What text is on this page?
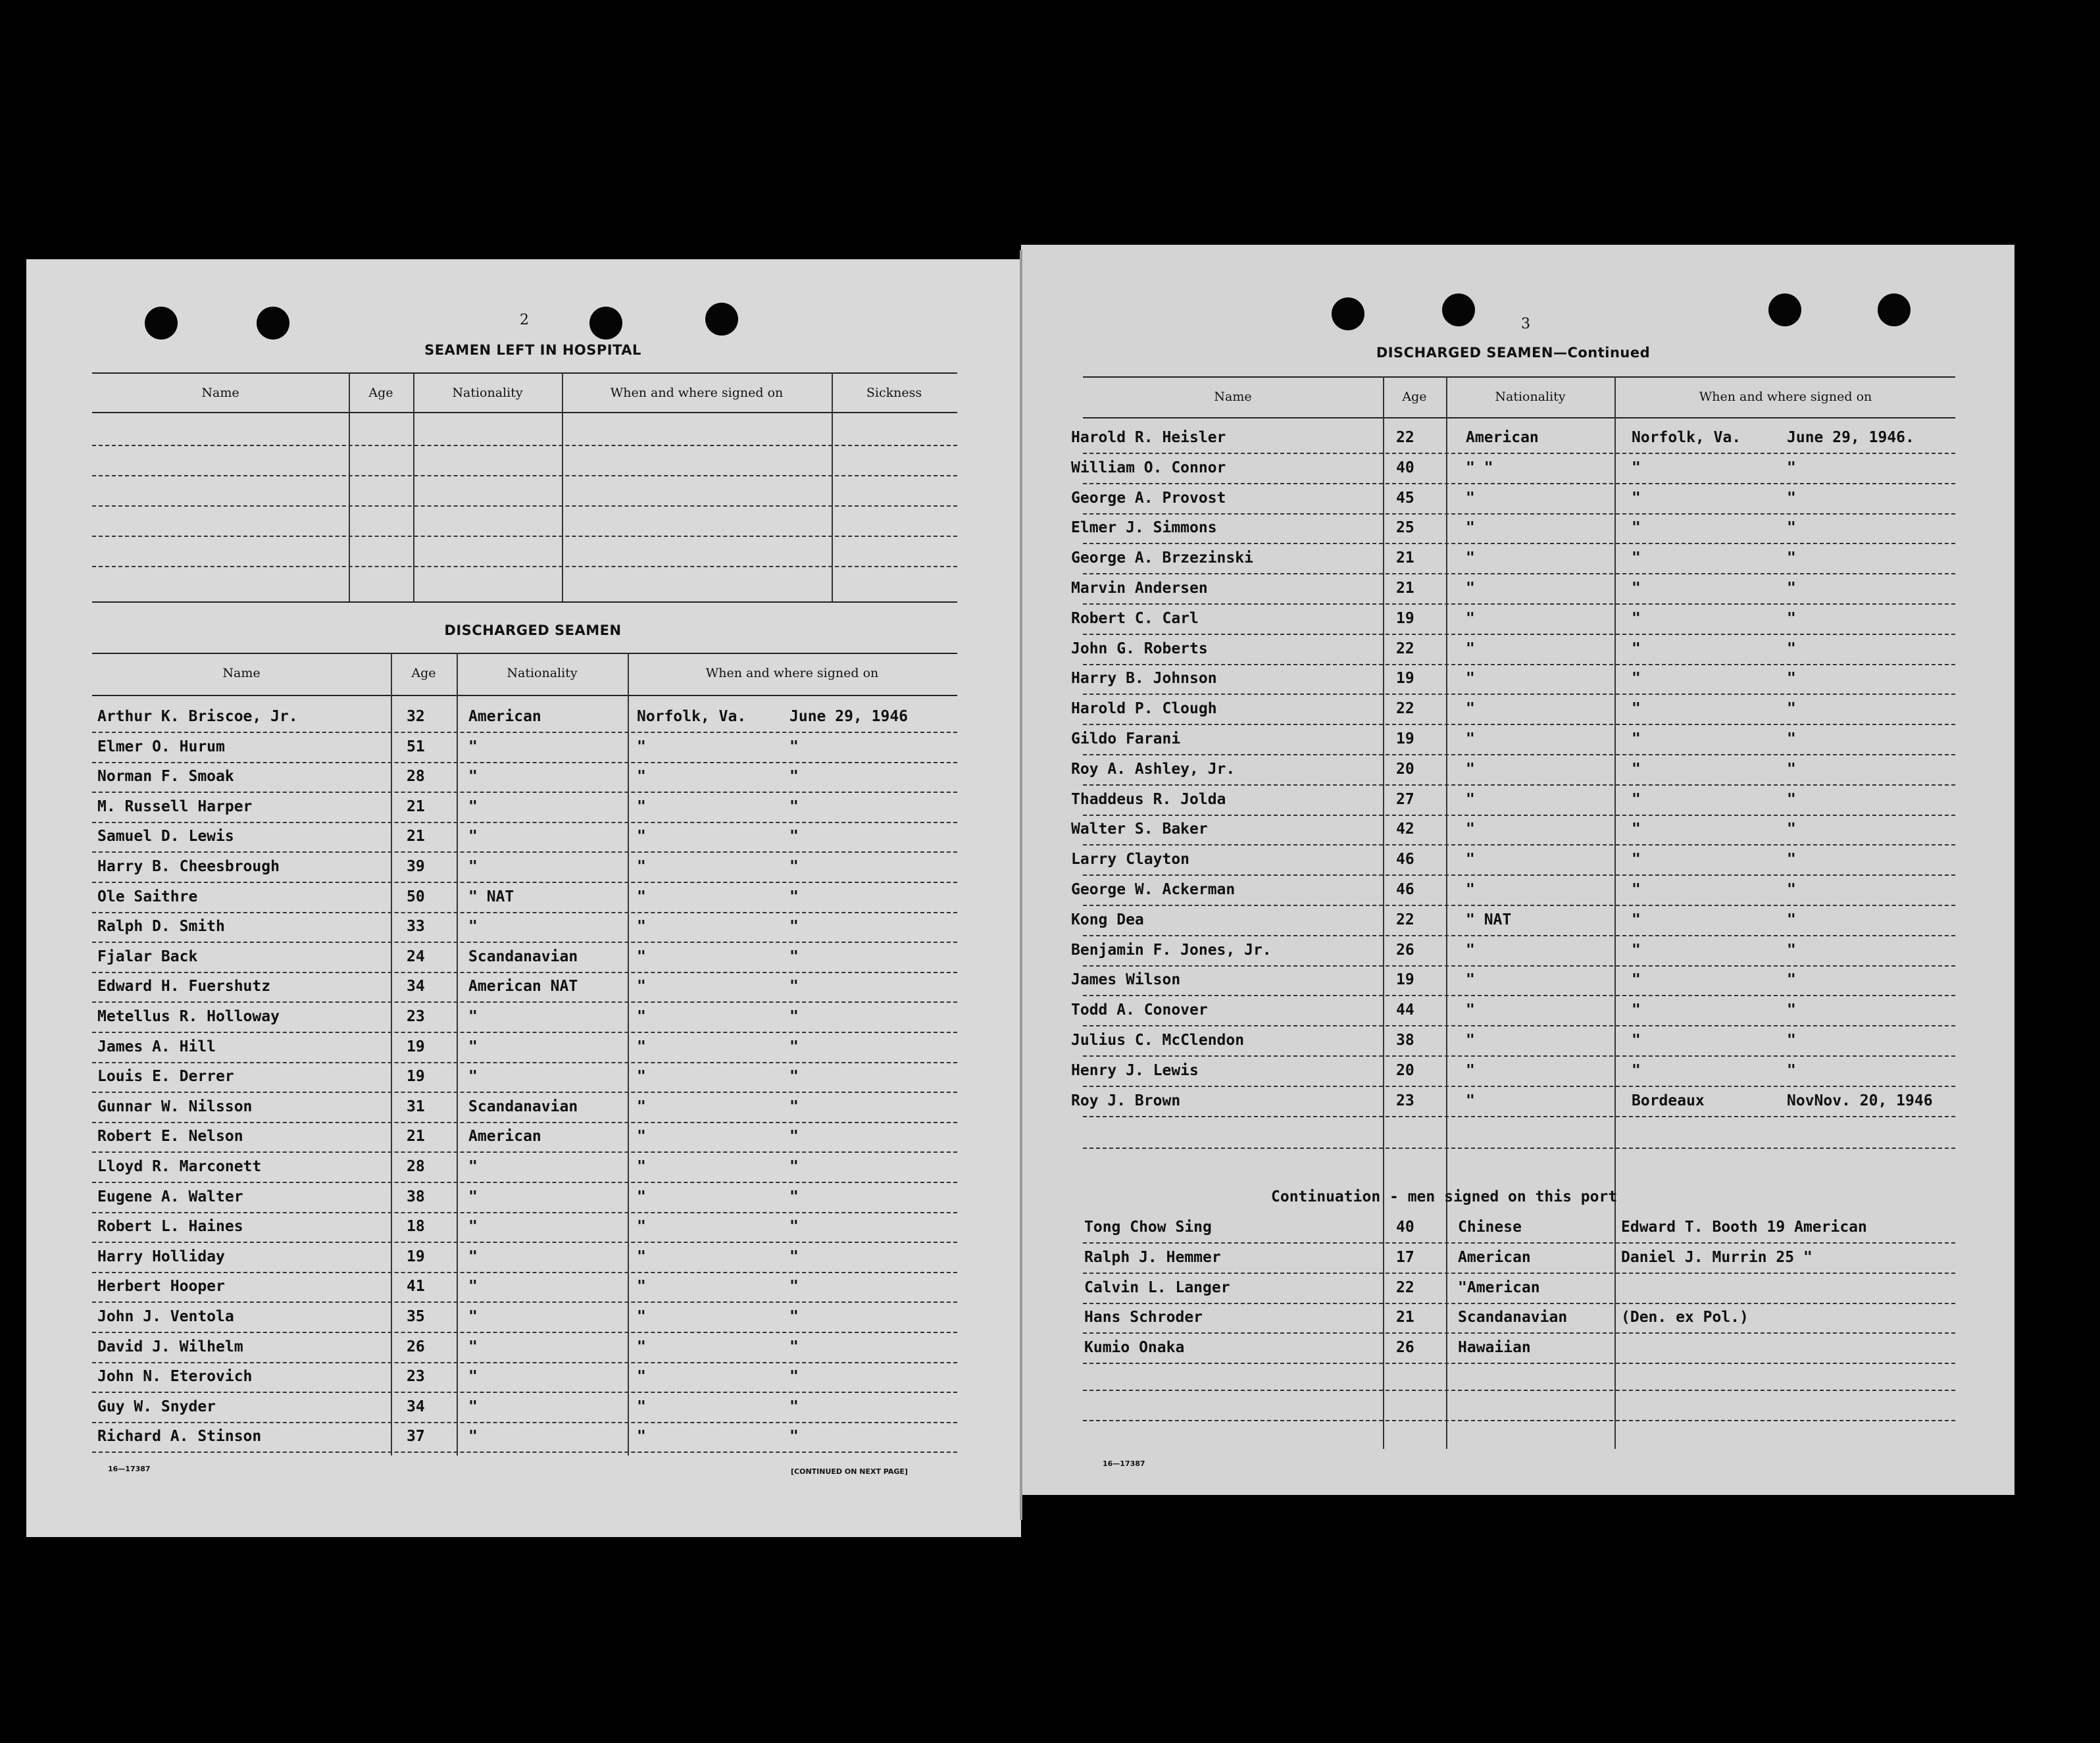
2
SEAMEN LEFT IN HOSPITAL
Name	Age	Nationality	When and where signed on	Sickness
DISCHARGED SEAMEN
Name	Age	Nationality	When and where signed on
Arthur K. Briscoe, Jr.	32	American	Norfolk, Va.	June 29, 1946
Elmer O. Hurum	51	"	"	"
Norman F. Smoak	28	"	"	"
M. Russell Harper	21	"	"	"
Samuel D. Lewis	21	"	"	"
Harry B. Cheesbrough	39	"	"	"
Ole Saithre	50	" NAT	"	"
Ralph D. Smith	33	"	"	"
Fjalar Back	24	Scandanavian	"	"
Edward H. Fuershutz	34	American NAT	"	"
Metellus R. Holloway	23	"	"	"
James A. Hill	19	"	"	"
Louis E. Derrer	19	"	"	"
Gunnar W. Nilsson	31	Scandanavian	"	"
Robert E. Nelson	21	American	"	"
Lloyd R. Marconett	28	"	"	"
Eugene A. Walter	38	"	"	"
Robert L. Haines	18	"	"	"
Harry Holliday	19	"	"	"
Herbert Hooper	41	"	"	"
John J. Ventola	35	"	"	"
David J. Wilhelm	26	"	"	"
John N. Eterovich	23	"	"	"
Guy W. Snyder	34	"	"	"
Richard A. Stinson	37	"	"	"
16—17387	[CONTINUED ON NEXT PAGE]
3
DISCHARGED SEAMEN—Continued
Name	Age	Nationality	When and where signed on
Harold R. Heisler	22	American	Norfolk, Va.	June 29, 1946.
William O. Connor	40	" "	"	"
George A. Provost	45	"	"	"
Elmer J. Simmons	25	"	"	"
George A. Brzezinski	21	"	"	"
Marvin Andersen	21	"	"	"
Robert C. Carl	19	"	"	"
John G. Roberts	22	"	"	"
Harry B. Johnson	19	"	"	"
Harold P. Clough	22	"	"	"
Gildo Farani	19	"	"	"
Roy A. Ashley, Jr.	20	"	"	"
Thaddeus R. Jolda	27	"	"	"
Walter S. Baker	42	"	"	"
Larry Clayton	46	"	"	"
George W. Ackerman	46	"	"	"
Kong Dea	22	" NAT	"	"
Benjamin F. Jones, Jr.	26	"	"	"
James Wilson	19	"	"	"
Todd A. Conover	44	"	"	"
Julius C. McClendon	38	"	"	"
Henry J. Lewis	20	"	"	"
Roy J. Brown	23	"	Bordeaux	NovNov. 20, 1946
Continuation - men signed on this port
Tong Chow Sing	40	Chinese	Edward T. Booth 19 American
Ralph J. Hemmer	17	American	Daniel J. Murrin 25 "
Calvin L. Langer	22	"American
Hans Schroder	21	Scandanavian	(Den. ex Pol.)
Kumio Onaka	26	Hawaiian
16—17387
